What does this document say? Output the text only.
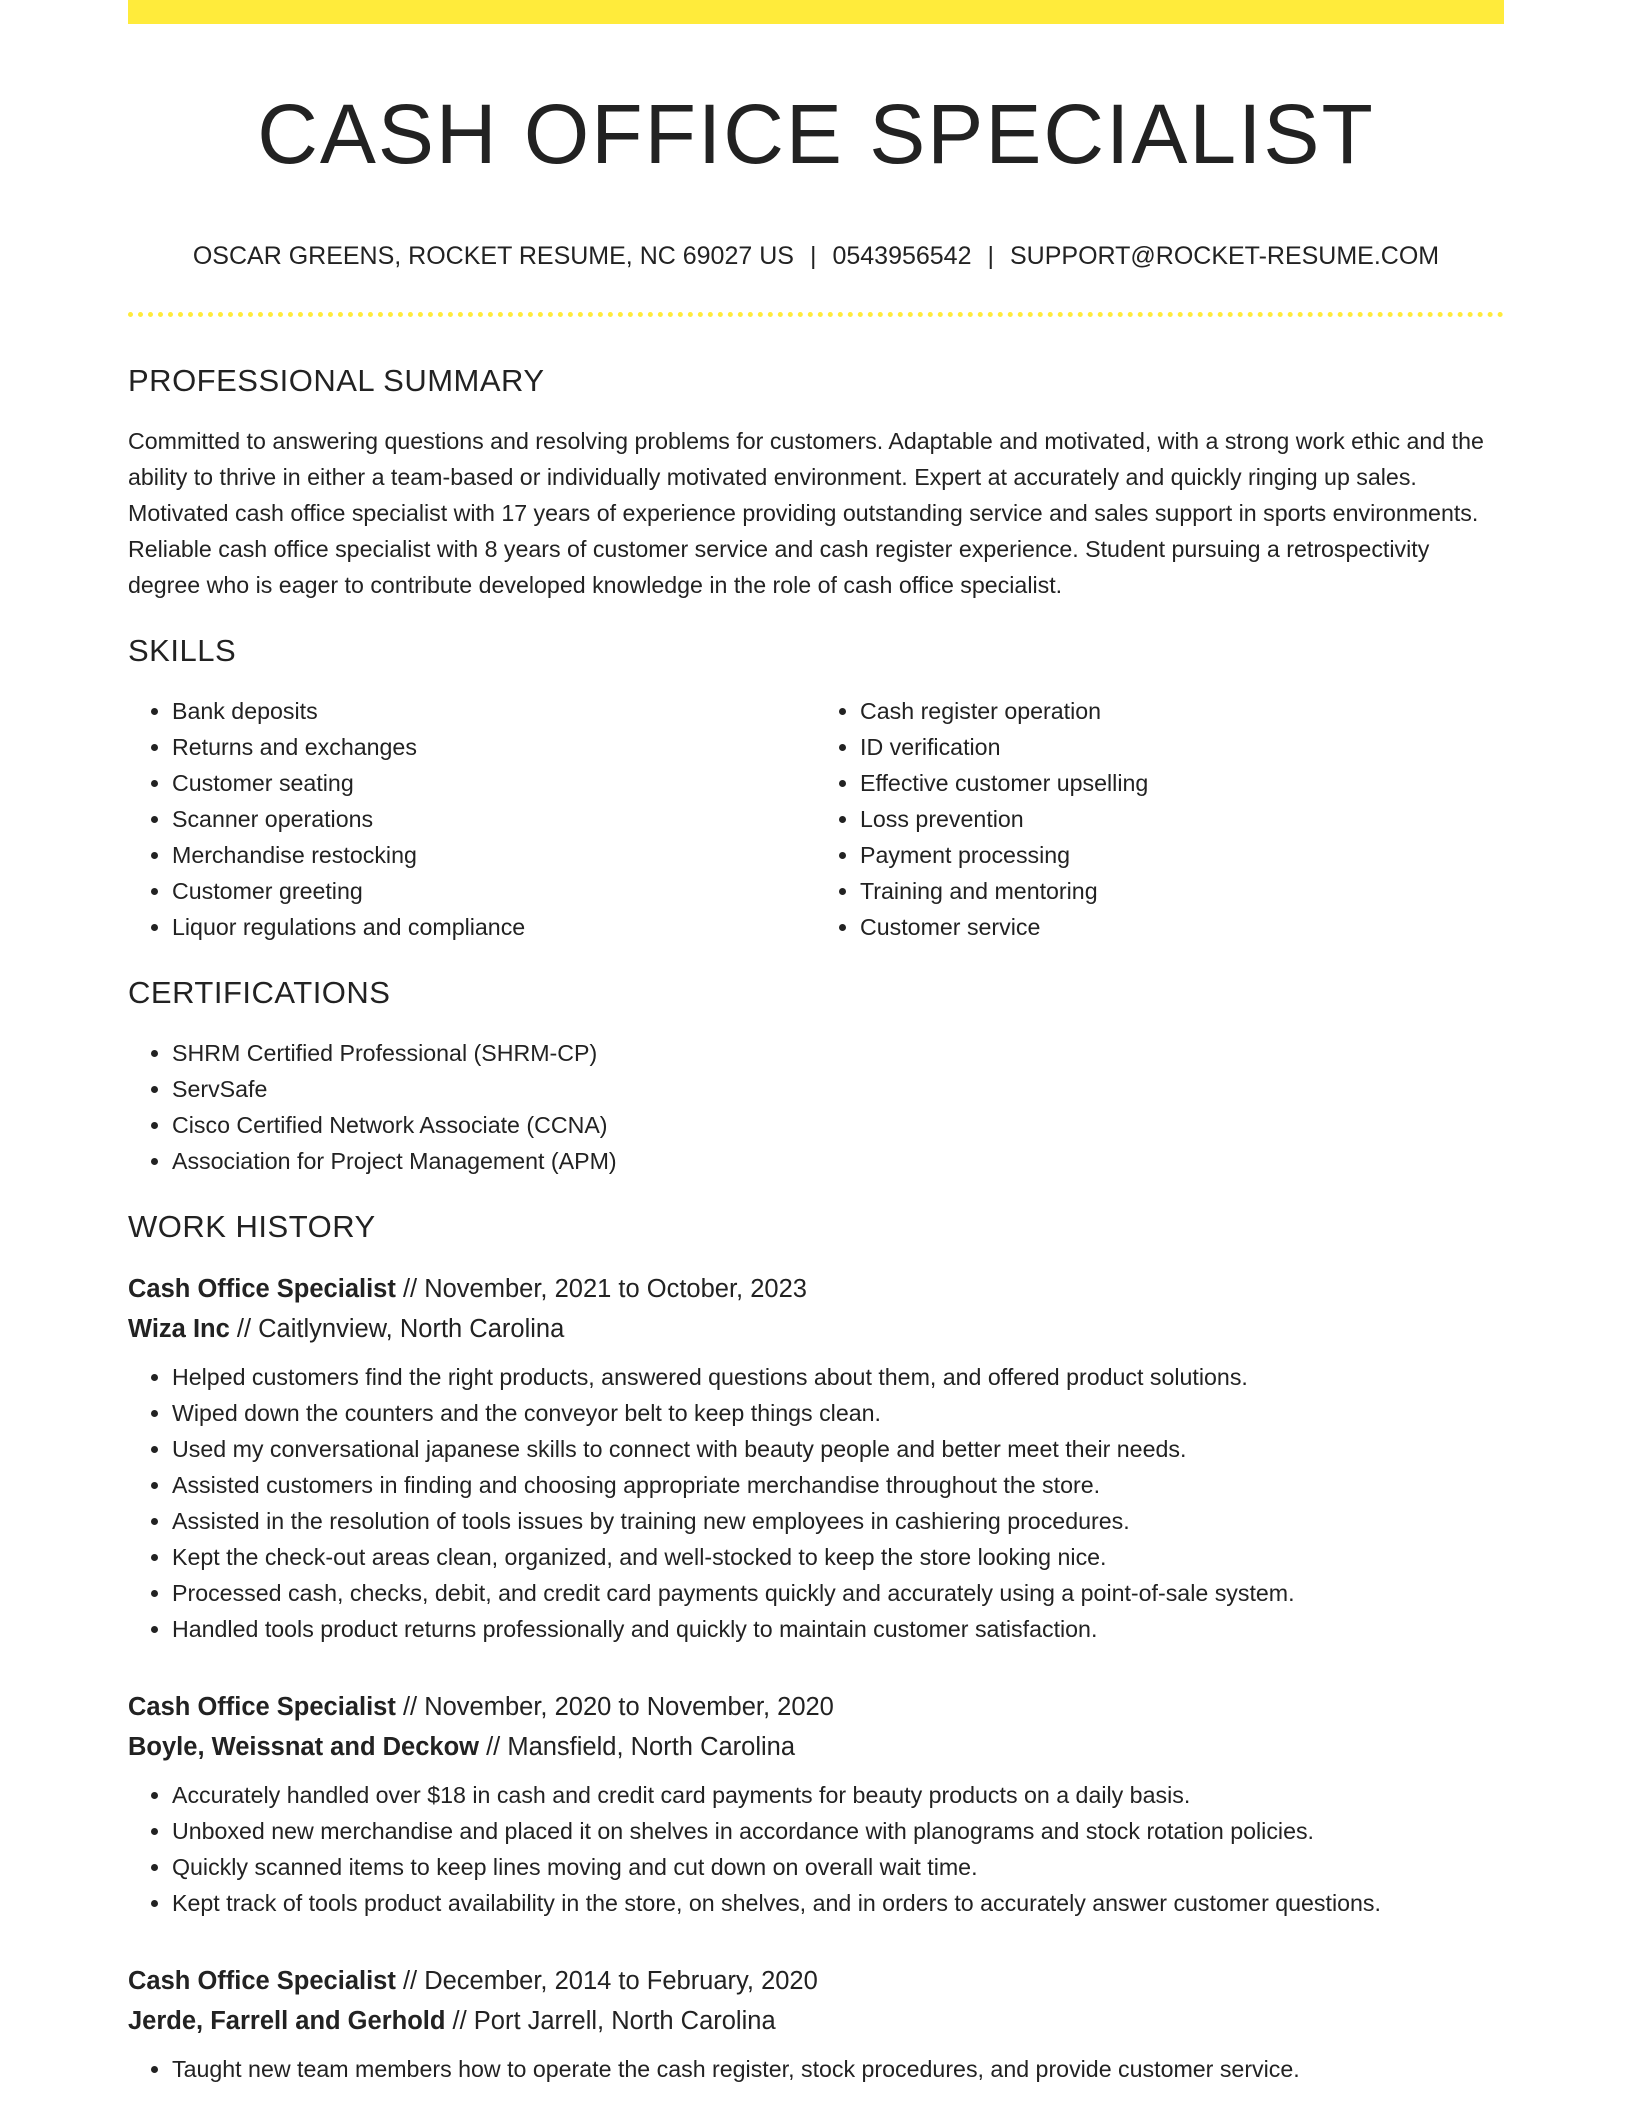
CASH OFFICE SPECIALIST
OSCAR GREENS, ROCKET RESUME, NC 69027 US | 0543956542 | SUPPORT@ROCKET-RESUME.COM
PROFESSIONAL SUMMARY
Committed to answering questions and resolving problems for customers. Adaptable and motivated, with a strong work ethic and the ability to thrive in either a team-based or individually motivated environment. Expert at accurately and quickly ringing up sales. Motivated cash office specialist with 17 years of experience providing outstanding service and sales support in sports environments. Reliable cash office specialist with 8 years of customer service and cash register experience. Student pursuing a retrospectivity degree who is eager to contribute developed knowledge in the role of cash office specialist.
SKILLS
• Bank deposits
• Returns and exchanges
• Customer seating
• Scanner operations
• Merchandise restocking
• Customer greeting
• Liquor regulations and compliance
• Cash register operation
• ID verification
• Effective customer upselling
• Loss prevention
• Payment processing
• Training and mentoring
• Customer service
CERTIFICATIONS
• SHRM Certified Professional (SHRM-CP)
• ServSafe
• Cisco Certified Network Associate (CCNA)
• Association for Project Management (APM)
WORK HISTORY
Cash Office Specialist // November, 2021 to October, 2023
Wiza Inc // Caitlynview, North Carolina
• Helped customers find the right products, answered questions about them, and offered product solutions.
• Wiped down the counters and the conveyor belt to keep things clean.
• Used my conversational japanese skills to connect with beauty people and better meet their needs.
• Assisted customers in finding and choosing appropriate merchandise throughout the store.
• Assisted in the resolution of tools issues by training new employees in cashiering procedures.
• Kept the check-out areas clean, organized, and well-stocked to keep the store looking nice.
• Processed cash, checks, debit, and credit card payments quickly and accurately using a point-of-sale system.
• Handled tools product returns professionally and quickly to maintain customer satisfaction.
Cash Office Specialist // November, 2020 to November, 2020
Boyle, Weissnat and Deckow // Mansfield, North Carolina
• Accurately handled over $18 in cash and credit card payments for beauty products on a daily basis.
• Unboxed new merchandise and placed it on shelves in accordance with planograms and stock rotation policies.
• Quickly scanned items to keep lines moving and cut down on overall wait time.
• Kept track of tools product availability in the store, on shelves, and in orders to accurately answer customer questions.
Cash Office Specialist // December, 2014 to February, 2020
Jerde, Farrell and Gerhold // Port Jarrell, North Carolina
• Taught new team members how to operate the cash register, stock procedures, and provide customer service.
